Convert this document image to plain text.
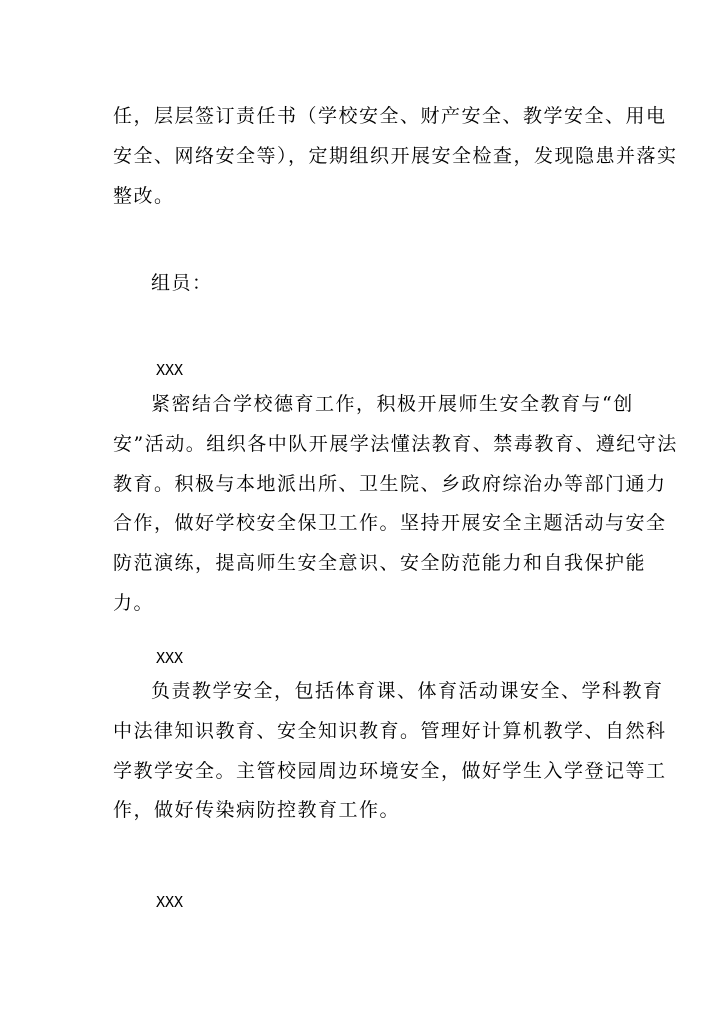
任，层层签订责任书（学校安全、财产安全、教学安全、用电安全、网络安全等），定期组织开展安全检查，发现隐患并落实整改。

组员：

XXX

紧密结合学校德育工作，积极开展师生安全教育与“创安”活动。组织各中队开展学法懂法教育、禁毒教育、遵纪守法教育。积极与本地派出所、卫生院、乡政府综治办等部门通力合作，做好学校安全保卫工作。坚持开展安全主题活动与安全防范演练，提高师生安全意识、安全防范能力和自我保护能力。

XXX

负责教学安全，包括体育课、体育活动课安全、学科教育中法律知识教育、安全知识教育。管理好计算机教学、自然科学教学安全。主管校园周边环境安全，做好学生入学登记等工作，做好传染病防控教育工作。

XXX
